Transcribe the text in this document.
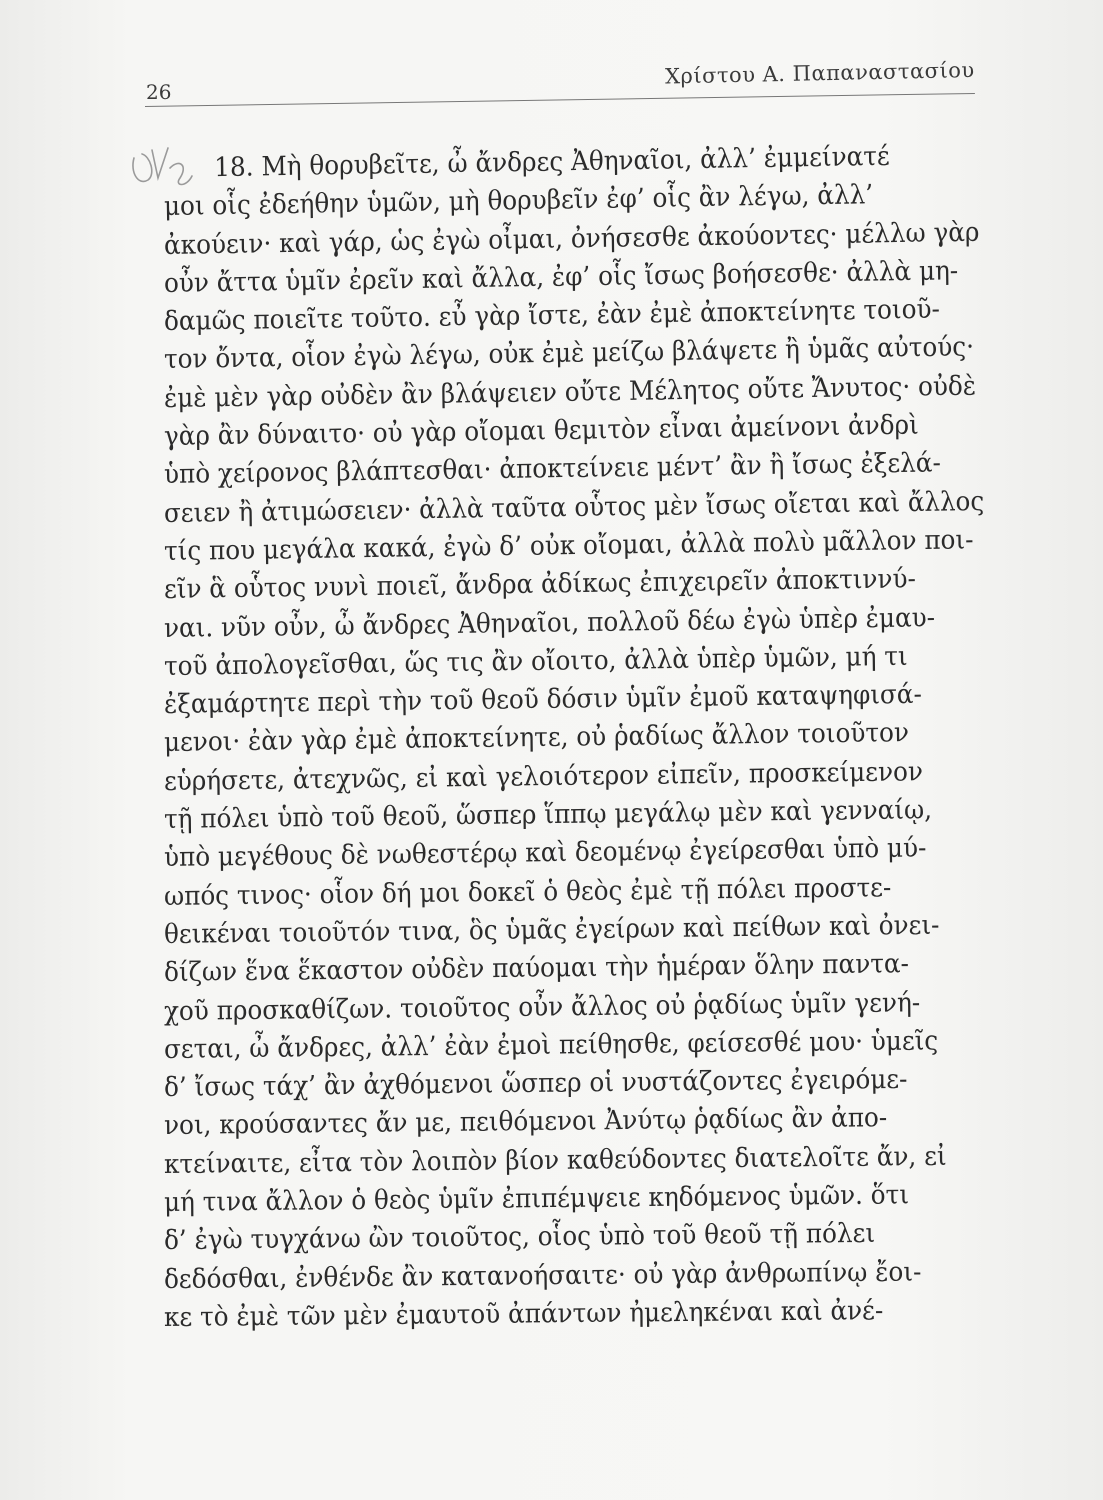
26
Χρίστου Α. Παπαναστασίου
18. Μὴ θορυβεῖτε, ὦ ἄνδρες Ἀθηναῖοι, ἀλλ’ ἐμμείνατέ
μοι οἷς ἐδεήθην ὑμῶν, μὴ θορυβεῖν ἐφ’ οἷς ἂν λέγω, ἀλλ’
ἀκούειν· καὶ γάρ, ὡς ἐγὼ οἶμαι, ὀνήσεσθε ἀκούοντες· μέλλω γὰρ
οὖν ἄττα ὑμῖν ἐρεῖν καὶ ἄλλα, ἐφ’ οἷς ἴσως βοήσεσθε· ἀλλὰ μη-
δαμῶς ποιεῖτε τοῦτο. εὖ γὰρ ἴστε, ἐὰν ἐμὲ ἀποκτείνητε τοιοῦ-
τον ὄντα, οἷον ἐγὼ λέγω, οὐκ ἐμὲ μείζω βλάψετε ἢ ὑμᾶς αὐτούς·
ἐμὲ μὲν γὰρ οὐδὲν ἂν βλάψειεν οὔτε Μέλητος οὔτε Ἄνυτος· οὐδὲ
γὰρ ἂν δύναιτο· οὐ γὰρ οἴομαι θεμιτὸν εἶναι ἀμείνονι ἀνδρὶ
ὑπὸ χείρονος βλάπτεσθαι· ἀποκτείνειε μέντ’ ἂν ἢ ἴσως ἐξελά-
σειεν ἢ ἀτιμώσειεν· ἀλλὰ ταῦτα οὗτος μὲν ἴσως οἴεται καὶ ἄλλος
τίς που μεγάλα κακά, ἐγὼ δ’ οὐκ οἴομαι, ἀλλὰ πολὺ μᾶλλον ποι-
εῖν ἃ οὗτος νυνὶ ποιεῖ, ἄνδρα ἀδίκως ἐπιχειρεῖν ἀποκτιννύ-
ναι. νῦν οὖν, ὦ ἄνδρες Ἀθηναῖοι, πολλοῦ δέω ἐγὼ ὑπὲρ ἐμαυ-
τοῦ ἀπολογεῖσθαι, ὥς τις ἂν οἴοιτο, ἀλλὰ ὑπὲρ ὑμῶν, μή τι
ἐξαμάρτητε περὶ τὴν τοῦ θεοῦ δόσιν ὑμῖν ἐμοῦ καταψηφισά-
μενοι· ἐὰν γὰρ ἐμὲ ἀποκτείνητε, οὐ ῥαδίως ἄλλον τοιοῦτον
εὑρήσετε, ἀτεχνῶς, εἰ καὶ γελοιότερον εἰπεῖν, προσκείμενον
τῇ πόλει ὑπὸ τοῦ θεοῦ, ὥσπερ ἵππῳ μεγάλῳ μὲν καὶ γενναίῳ,
ὑπὸ μεγέθους δὲ νωθεστέρῳ καὶ δεομένῳ ἐγείρεσθαι ὑπὸ μύ-
ωπός τινος· οἷον δή μοι δοκεῖ ὁ θεὸς ἐμὲ τῇ πόλει προστε-
θεικέναι τοιοῦτόν τινα, ὃς ὑμᾶς ἐγείρων καὶ πείθων καὶ ὀνει-
δίζων ἕνα ἕκαστον οὐδὲν παύομαι τὴν ἡμέραν ὅλην παντα-
χοῦ προσκαθίζων. τοιοῦτος οὖν ἄλλος οὐ ῥᾳδίως ὑμῖν γενή-
σεται, ὦ ἄνδρες, ἀλλ’ ἐὰν ἐμοὶ πείθησθε, φείσεσθέ μου· ὑμεῖς
δ’ ἴσως τάχ’ ἂν ἀχθόμενοι ὥσπερ οἱ νυστάζοντες ἐγειρόμε-
νοι, κρούσαντες ἄν με, πειθόμενοι Ἀνύτῳ ῥᾳδίως ἂν ἀπο-
κτείναιτε, εἶτα τὸν λοιπὸν βίον καθεύδοντες διατελοῖτε ἄν, εἰ
μή τινα ἄλλον ὁ θεὸς ὑμῖν ἐπιπέμψειε κηδόμενος ὑμῶν. ὅτι
δ’ ἐγὼ τυγχάνω ὢν τοιοῦτος, οἷος ὑπὸ τοῦ θεοῦ τῇ πόλει
δεδόσθαι, ἐνθένδε ἂν κατανοήσαιτε· οὐ γὰρ ἀνθρωπίνῳ ἔοι-
κε τὸ ἐμὲ τῶν μὲν ἐμαυτοῦ ἀπάντων ἠμεληκέναι καὶ ἀνέ-
